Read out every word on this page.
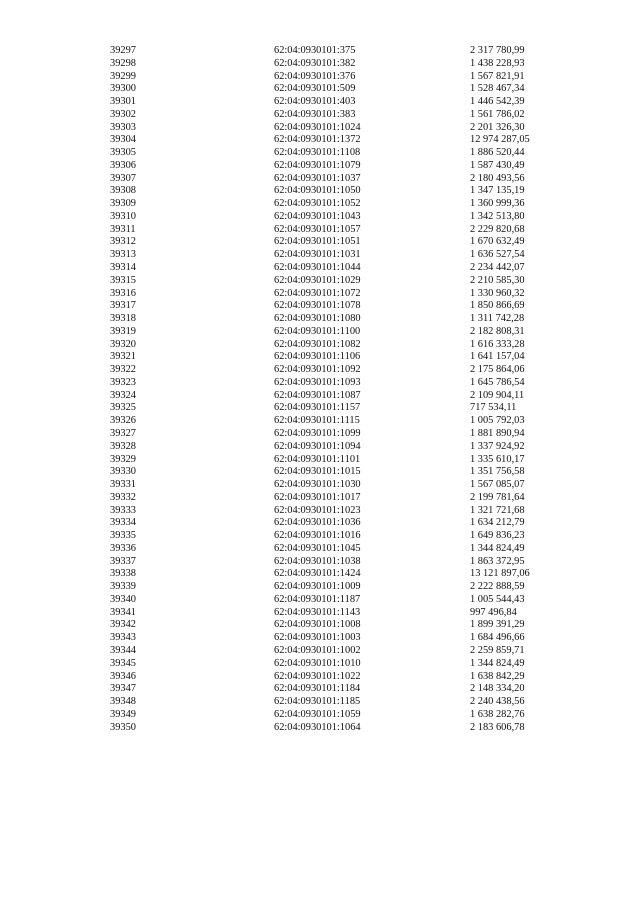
39297	62:04:0930101:375	2 317 780,99
39298	62:04:0930101:382	1 438 228,93
39299	62:04:0930101:376	1 567 821,91
39300	62:04:0930101:509	1 528 467,34
39301	62:04:0930101:403	1 446 542,39
39302	62:04:0930101:383	1 561 786,02
39303	62:04:0930101:1024	2 201 326,30
39304	62:04:0930101:1372	12 974 287,05
39305	62:04:0930101:1108	1 886 520,44
39306	62:04:0930101:1079	1 587 430,49
39307	62:04:0930101:1037	2 180 493,56
39308	62:04:0930101:1050	1 347 135,19
39309	62:04:0930101:1052	1 360 999,36
39310	62:04:0930101:1043	1 342 513,80
39311	62:04:0930101:1057	2 229 820,68
39312	62:04:0930101:1051	1 670 632,49
39313	62:04:0930101:1031	1 636 527,54
39314	62:04:0930101:1044	2 234 442,07
39315	62:04:0930101:1029	2 210 585,30
39316	62:04:0930101:1072	1 330 960,32
39317	62:04:0930101:1078	1 850 866,69
39318	62:04:0930101:1080	1 311 742,28
39319	62:04:0930101:1100	2 182 808,31
39320	62:04:0930101:1082	1 616 333,28
39321	62:04:0930101:1106	1 641 157,04
39322	62:04:0930101:1092	2 175 864,06
39323	62:04:0930101:1093	1 645 786,54
39324	62:04:0930101:1087	2 109 904,11
39325	62:04:0930101:1157	717 534,11
39326	62:04:0930101:1115	1 005 792,03
39327	62:04:0930101:1099	1 881 890,94
39328	62:04:0930101:1094	1 337 924,92
39329	62:04:0930101:1101	1 335 610,17
39330	62:04:0930101:1015	1 351 756,58
39331	62:04:0930101:1030	1 567 085,07
39332	62:04:0930101:1017	2 199 781,64
39333	62:04:0930101:1023	1 321 721,68
39334	62:04:0930101:1036	1 634 212,79
39335	62:04:0930101:1016	1 649 836,23
39336	62:04:0930101:1045	1 344 824,49
39337	62:04:0930101:1038	1 863 372,95
39338	62:04:0930101:1424	13 121 897,06
39339	62:04:0930101:1009	2 222 888,59
39340	62:04:0930101:1187	1 005 544,43
39341	62:04:0930101:1143	997 496,84
39342	62:04:0930101:1008	1 899 391,29
39343	62:04:0930101:1003	1 684 496,66
39344	62:04:0930101:1002	2 259 859,71
39345	62:04:0930101:1010	1 344 824,49
39346	62:04:0930101:1022	1 638 842,29
39347	62:04:0930101:1184	2 148 334,20
39348	62:04:0930101:1185	2 240 438,56
39349	62:04:0930101:1059	1 638 282,76
39350	62:04:0930101:1064	2 183 606,78
